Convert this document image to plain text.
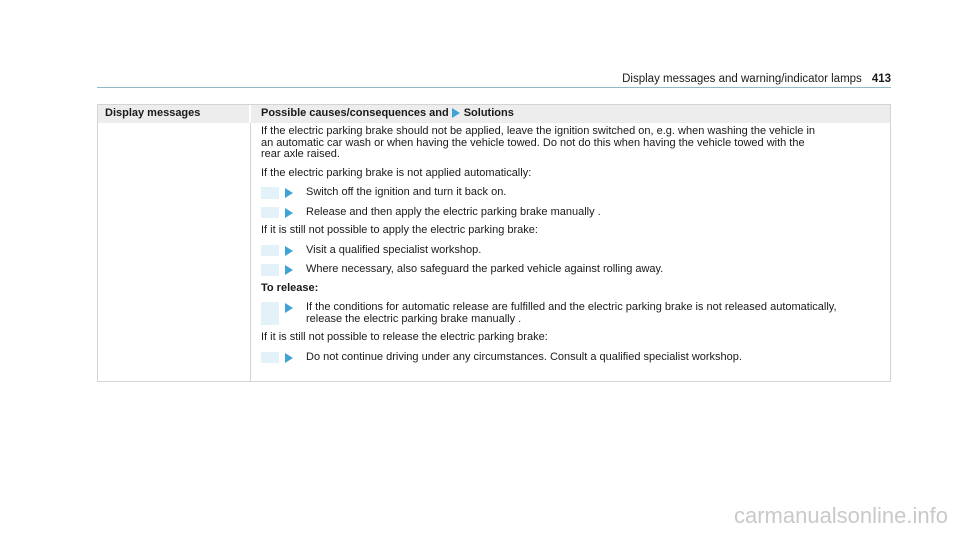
Display messages and warning/indicator lamps 413
Display messages	Possible causes/consequences and Solutions

If the electric parking brake should not be applied, leave the ignition switched on, e.g. when washing the vehicle in

an automatic car wash or when having the vehicle towed. Do not do this when having the vehicle towed with the

rear axle raised.

If the electric parking brake is not applied automatically:

Switch off the ignition and turn it back on.
Release and then apply the electric parking brake manually .

If it is still not possible to apply the electric parking brake:

Visit a qualified specialist workshop.
Where necessary, also safeguard the parked vehicle against rolling away.

To release:

If the conditions for automatic release are fulfilled and the electric parking brake is not released automatically,
release the electric parking brake manually .

If it is still not possible to release the electric parking brake:

Do not continue driving under any circumstances. Consult a qualified specialist workshop.
carmanualsonline.info
